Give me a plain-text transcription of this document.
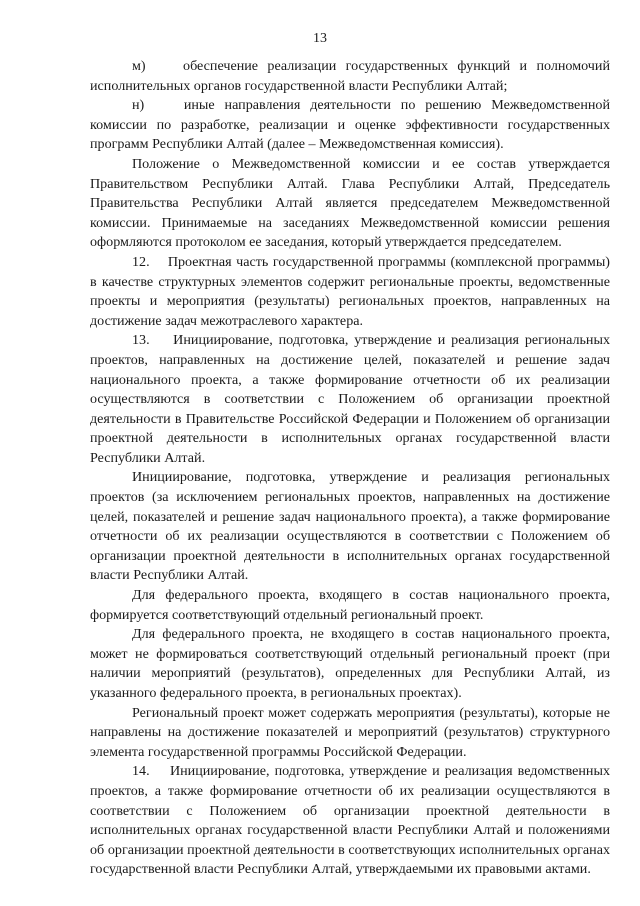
13

м)    обеспечение реализации государственных функций и полномочий исполнительных органов государственной власти Республики Алтай;

н)    иные направления деятельности по решению Межведомственной комиссии по разработке, реализации и оценке эффективности государственных программ Республики Алтай (далее – Межведомственная комиссия).

Положение о Межведомственной комиссии и ее состав утверждается Правительством Республики Алтай. Глава Республики Алтай, Председатель Правительства Республики Алтай является председателем Межведомственной комиссии. Принимаемые на заседаниях Межведомственной комиссии решения оформляются протоколом ее заседания, который утверждается председателем.

12.    Проектная часть государственной программы (комплексной программы) в качестве структурных элементов содержит региональные проекты, ведомственные проекты и мероприятия (результаты) региональных проектов, направленных на достижение задач межотраслевого характера.

13.    Инициирование, подготовка, утверждение и реализация региональных проектов, направленных на достижение целей, показателей и решение задач национального проекта, а также формирование отчетности об их реализации осуществляются в соответствии с Положением об организации проектной деятельности в Правительстве Российской Федерации и Положением об организации проектной деятельности в исполнительных органах государственной власти Республики Алтай.

Инициирование, подготовка, утверждение и реализация региональных проектов (за исключением региональных проектов, направленных на достижение целей, показателей и решение задач национального проекта), а также формирование отчетности об их реализации осуществляются в соответствии с Положением об организации проектной деятельности в исполнительных органах государственной власти Республики Алтай.

Для федерального проекта, входящего в состав национального проекта, формируется соответствующий отдельный региональный проект.

Для федерального проекта, не входящего в состав национального проекта, может не формироваться соответствующий отдельный региональный проект (при наличии мероприятий (результатов), определенных для Республики Алтай, из указанного федерального проекта, в региональных проектах).

Региональный проект может содержать мероприятия (результаты), которые не направлены на достижение показателей и мероприятий (результатов) структурного элемента государственной программы Российской Федерации.

14.    Инициирование, подготовка, утверждение и реализация ведомственных проектов, а также формирование отчетности об их реализации осуществляются в соответствии с Положением об организации проектной деятельности в исполнительных органах государственной власти Республики Алтай и положениями об организации проектной деятельности в соответствующих исполнительных органах государственной власти Республики Алтай, утверждаемыми их правовыми актами.
